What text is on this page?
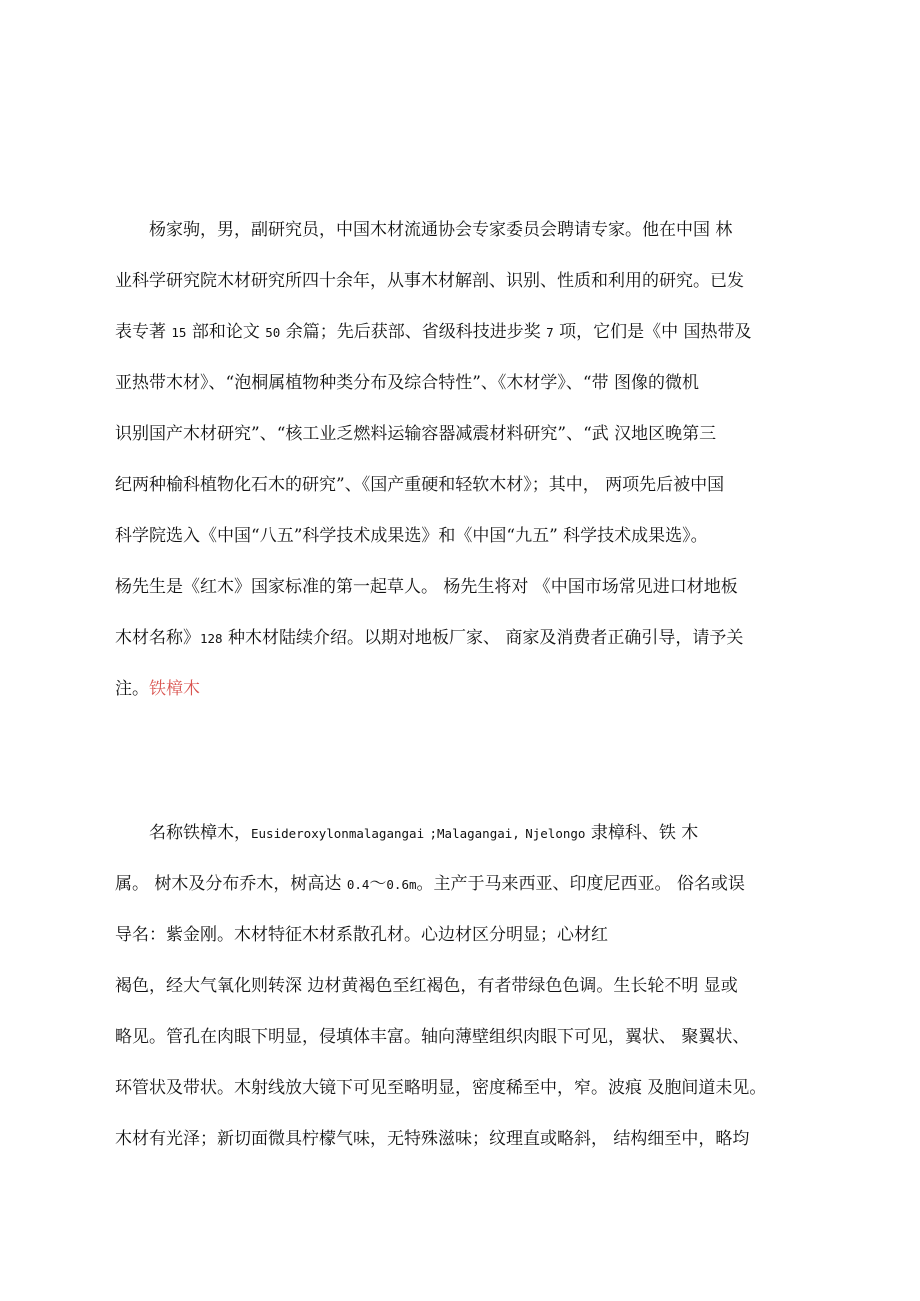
　　杨家驹，男，副研究员，中国木材流通协会专家委员会聘请专家。他在中国 林
业科学研究院木材研究所四十余年，从事木材解剖、识别、性质和利用的研究。已发
表专著 15 部和论文 50 余篇；先后获部、省级科技进步奖 7 项，它们是《中 国热带及
亚热带木材》、“泡桐属植物种类分布及综合特性”、《木材学》、“带 图像的微机
识别国产木材研究”、“核工业乏燃料运输容器减震材料研究”、“武 汉地区晚第三
纪两种榆科植物化石木的研究”、《国产重硬和轻软木材》；其中， 两项先后被中国
科学院选入《中国“八五”科学技术成果选》和《中国“九五” 科学技术成果选》。
杨先生是《红木》国家标准的第一起草人。 杨先生将对 《中国市场常见进口材地板
木材名称》128 种木材陆续介绍。以期对地板厂家、 商家及消费者正确引导，请予关
注。铁樟木
　　名称铁樟木，Eusideroxylonmalagangai ;Malagangai, Njelongo 隶樟科、铁 木
属。 树木及分布乔木，树高达 0.4～0.6m。主产于马来西亚、印度尼西亚。 俗名或误
导名：紫金刚。木材特征木材系散孔材。心边材区分明显；心材红
褐色，经大气氧化则转深 边材黄褐色至红褐色，有者带绿色色调。生长轮不明 显或
略见。管孔在肉眼下明显，侵填体丰富。轴向薄壁组织肉眼下可见，翼状、 聚翼状、
环管状及带状。木射线放大镜下可见至略明显，密度稀至中，窄。波痕 及胞间道未见。
木材有光泽；新切面微具柠檬气味，无特殊滋味；纹理直或略斜， 结构细至中，略均
